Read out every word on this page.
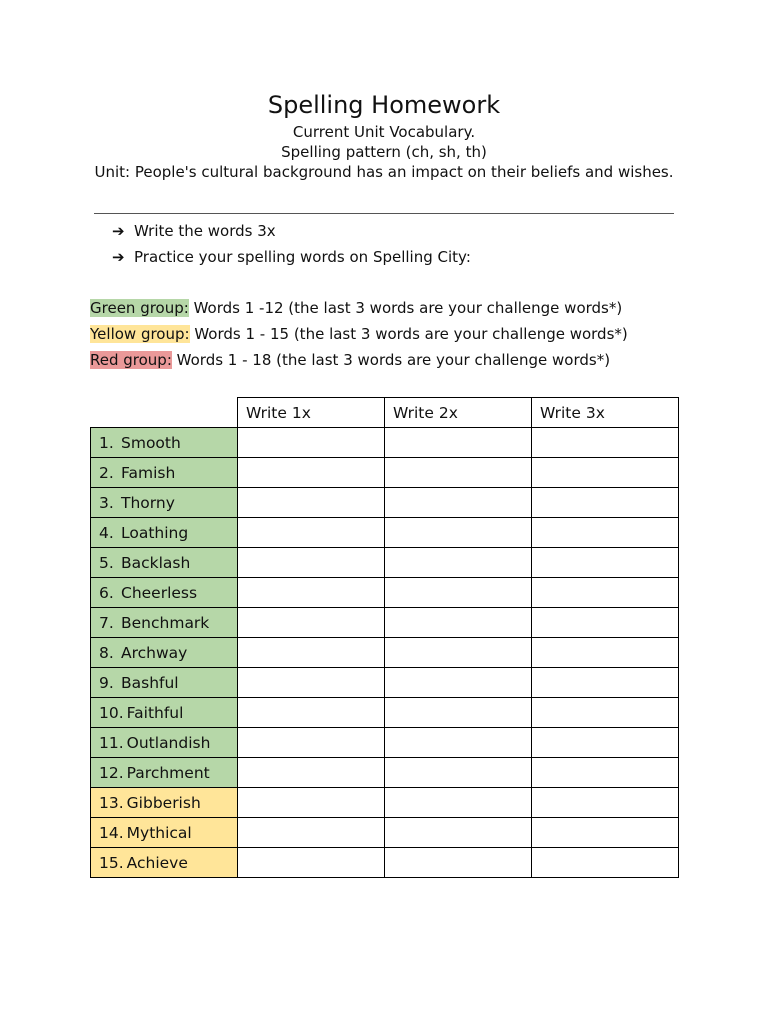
Spelling Homework
Current Unit Vocabulary.
Spelling pattern (ch, sh, th)
Unit: People's cultural background has an impact on their beliefs and wishes.
➔ Write the words 3x
➔ Practice your spelling words on Spelling City:
Green group: Words 1 -12 (the last 3 words are your challenge words*)
Yellow group: Words 1 - 15 (the last 3 words are your challenge words*)
Red group: Words 1 - 18 (the last 3 words are your challenge words*)
	Write 1x	Write 2x	Write 3x
1. Smooth			
2. Famish			
3. Thorny			
4. Loathing			
5. Backlash			
6. Cheerless			
7. Benchmark			
8. Archway			
9. Bashful			
10. Faithful			
11. Outlandish			
12. Parchment			
13. Gibberish			
14. Mythical			
15. Achieve			
